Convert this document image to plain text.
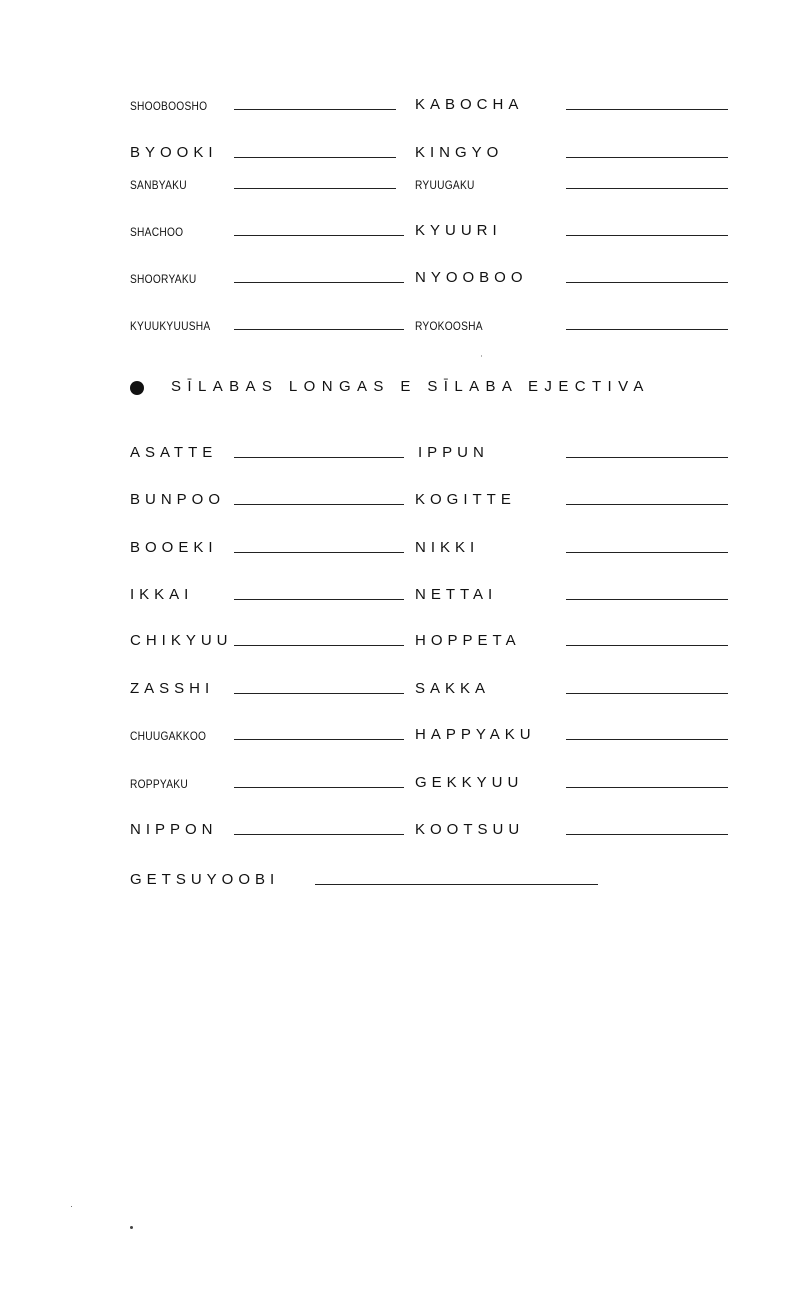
SHOOBOOSHO	KABOCHA
BYOOKI	KINGYO
SANBYAKU	RYUUGAKU
SHACHOO	KYUURI
SHOORYAKU	NYOOBOO
KYUUKYUUSHA	RYOKOOSHA
SĪLABAS LONGAS E SĪLABA EJECTIVA
ASATTE	IPPUN
BUNPOO	KOGITTE
BOOEKI	NIKKI
IKKAI	NETTAI
CHIKYUU	HOPPETA
ZASSHI	SAKKA
CHUUGAKKOO	HAPPYAKU
ROPPYAKU	GEKKYUU
NIPPON	KOOTSUU
GETSUYOOBI
